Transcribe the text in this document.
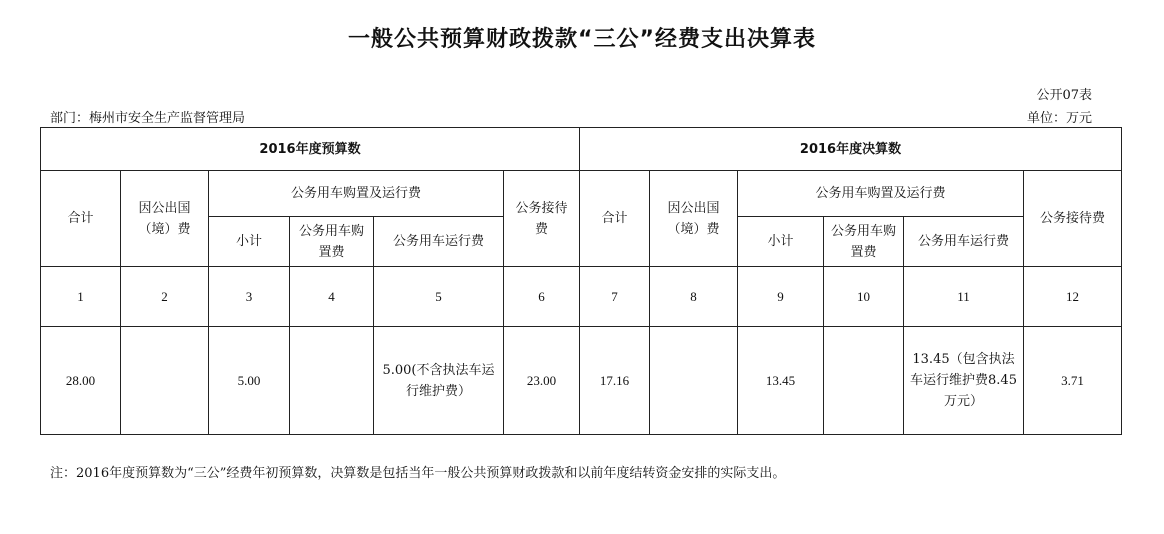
一般公共预算财政拨款“三公”经费支出决算表
公开07表
部门：梅州市安全生产监督管理局	单位：万元
2016年度预算数						2016年度决算数					
合计	因公出国（境）费	公务用车购置及运行费			公务接待费	合计	因公出国（境）费	公务用车购置及运行费			公务接待费
		小计	公务用车购置费	公务用车运行费				小计	公务用车购置费	公务用车运行费	
1	2	3	4	5	6	7	8	9	10	11	12
28.00		5.00		5.00(不含执法车运行维护费）	23.00	17.16		13.45		13.45（包含执法车运行维护费8.45万元）	3.71
注：2016年度预算数为“三公”经费年初预算数，决算数是包括当年一般公共预算财政拨款和以前年度结转资金安排的实际支出。
